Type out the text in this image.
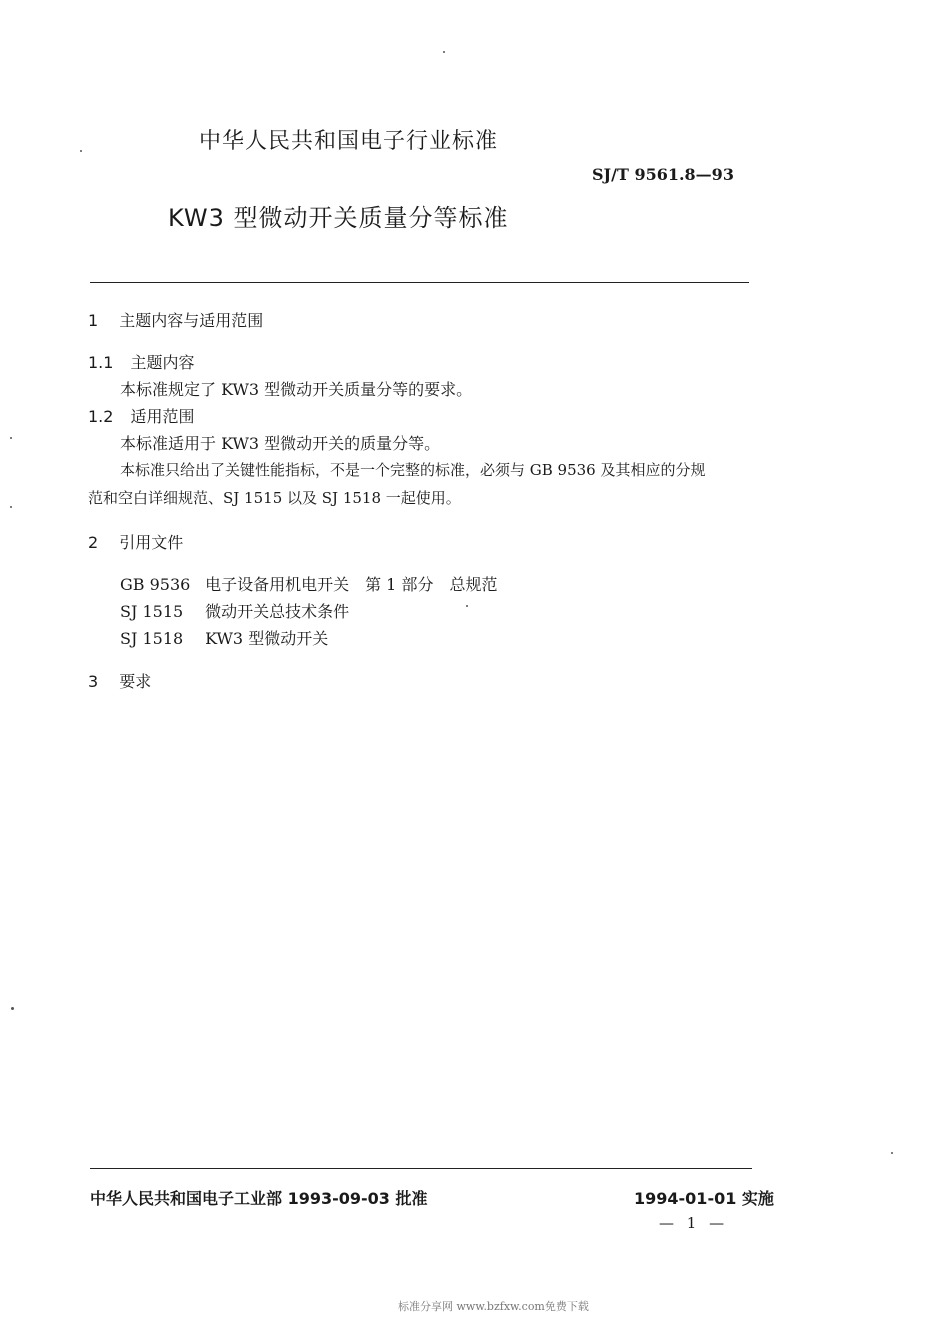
中华人民共和国电子行业标准
SJ/T 9561.8—93
KW3 型微动开关质量分等标准
1 主题内容与适用范围
1.1 主题内容
本标准规定了 KW3 型微动开关质量分等的要求。
1.2 适用范围
本标准适用于 KW3 型微动开关的质量分等。
本标准只给出了关键性能指标，不是一个完整的标准，必须与 GB 9536 及其相应的分规
范和空白详细规范、SJ 1515 以及 SJ 1518 一起使用。
2 引用文件
GB 9536 电子设备用机电开关　第 1 部分　总规范
SJ 1515 微动开关总技术条件
SJ 1518 KW3 型微动开关
3 要求
中华人民共和国电子工业部 1993-09-03 批准	1994-01-01 实施
— 1 —
标准分享网 www.bzfxw.com免费下载
